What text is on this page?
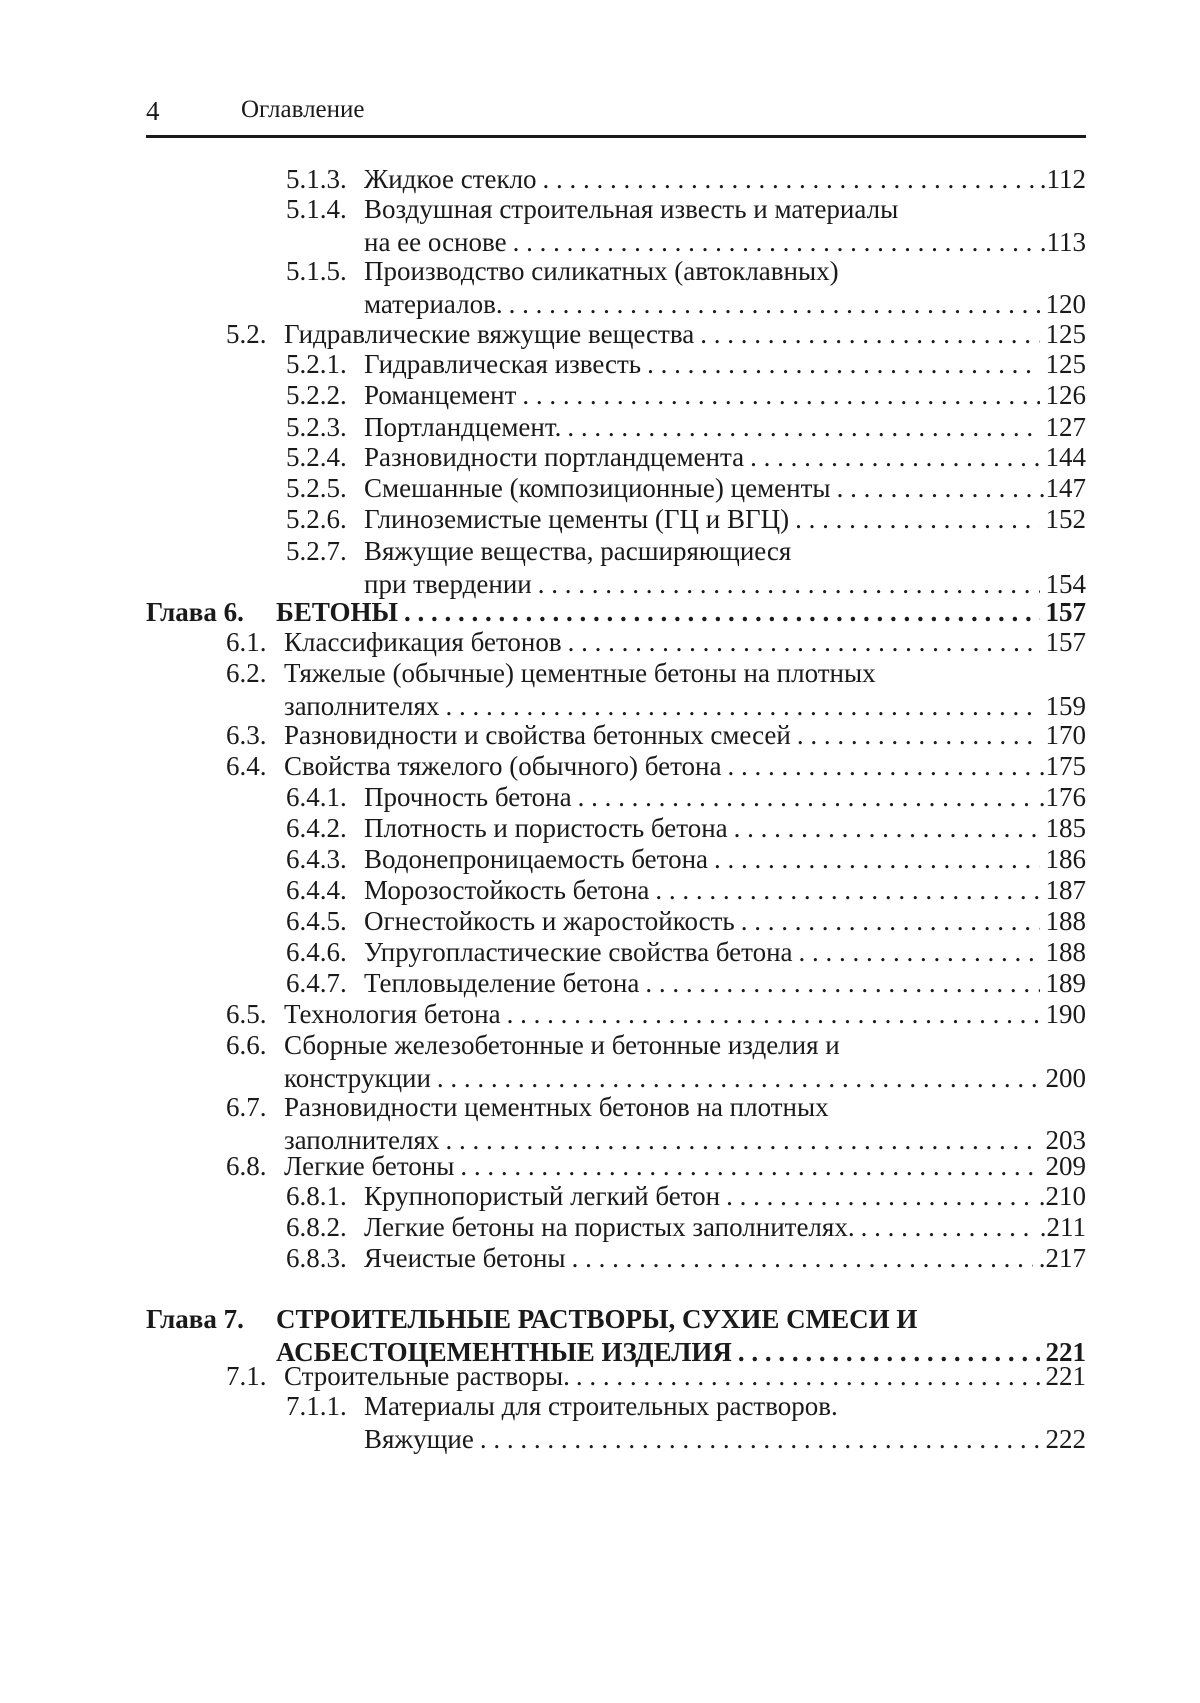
4	Оглавление
5.1.3. Жидкое стекло . . .	.112
5.1.4. Воздушная строительная известь и материалы
на ее основе . . .	.113
5.1.5. Производство силикатных (автоклавных)
материалов. . . .	120
5.2. Гидравлические вяжущие вещества . . .	125
5.2.1. Гидравлическая известь . . .	125
5.2.2. Романцемент . . .	126
5.2.3. Портландцемент. . . .	127
5.2.4. Разновидности портландцемента . . .	144
5.2.5. Смешанные (композиционные) цементы . . .	.147
5.2.6. Глиноземистые цементы (ГЦ и ВГЦ) . . .	152
5.2.7. Вяжущие вещества, расширяющиеся
при твердении . . .	154
Глава 6.	БЕТОНЫ . . .	157
6.1. Классификация бетонов . . .	157
6.2. Тяжелые (обычные) цементные бетоны на плотных
заполнителях . . .	159
6.3. Разновидности и свойства бетонных смесей . . .	170
6.4. Свойства тяжелого (обычного) бетона . . .	.175
6.4.1. Прочность бетона . . .	.176
6.4.2. Плотность и пористость бетона . . .	185
6.4.3. Водонепроницаемость бетона . . .	186
6.4.4. Морозостойкость бетона . . .	187
6.4.5. Огнестойкость и жаростойкость . . .	188
6.4.6. Упругопластические свойства бетона . . .	188
6.4.7. Тепловыделение бетона . . .	189
6.5. Технология бетона . . .	190
6.6. Сборные железобетонные и бетонные изделия и
конструкции . . .	200
6.7. Разновидности цементных бетонов на плотных
заполнителях . . .	203
6.8. Легкие бетоны . . .	209
6.8.1. Крупнопористый легкий бетон . . .	.210
6.8.2. Легкие бетоны на пористых заполнителях. . . .	.211
6.8.3. Ячеистые бетоны . . .	.217
Глава 7.	СТРОИТЕЛЬНЫЕ РАСТВОРЫ, СУХИЕ СМЕСИ И
АСБЕСТОЦЕМЕНТНЫЕ ИЗДЕЛИЯ . . .	221
7.1. Строительные растворы. . . .	221
7.1.1. Материалы для строительных растворов.
Вяжущие . . .	222
